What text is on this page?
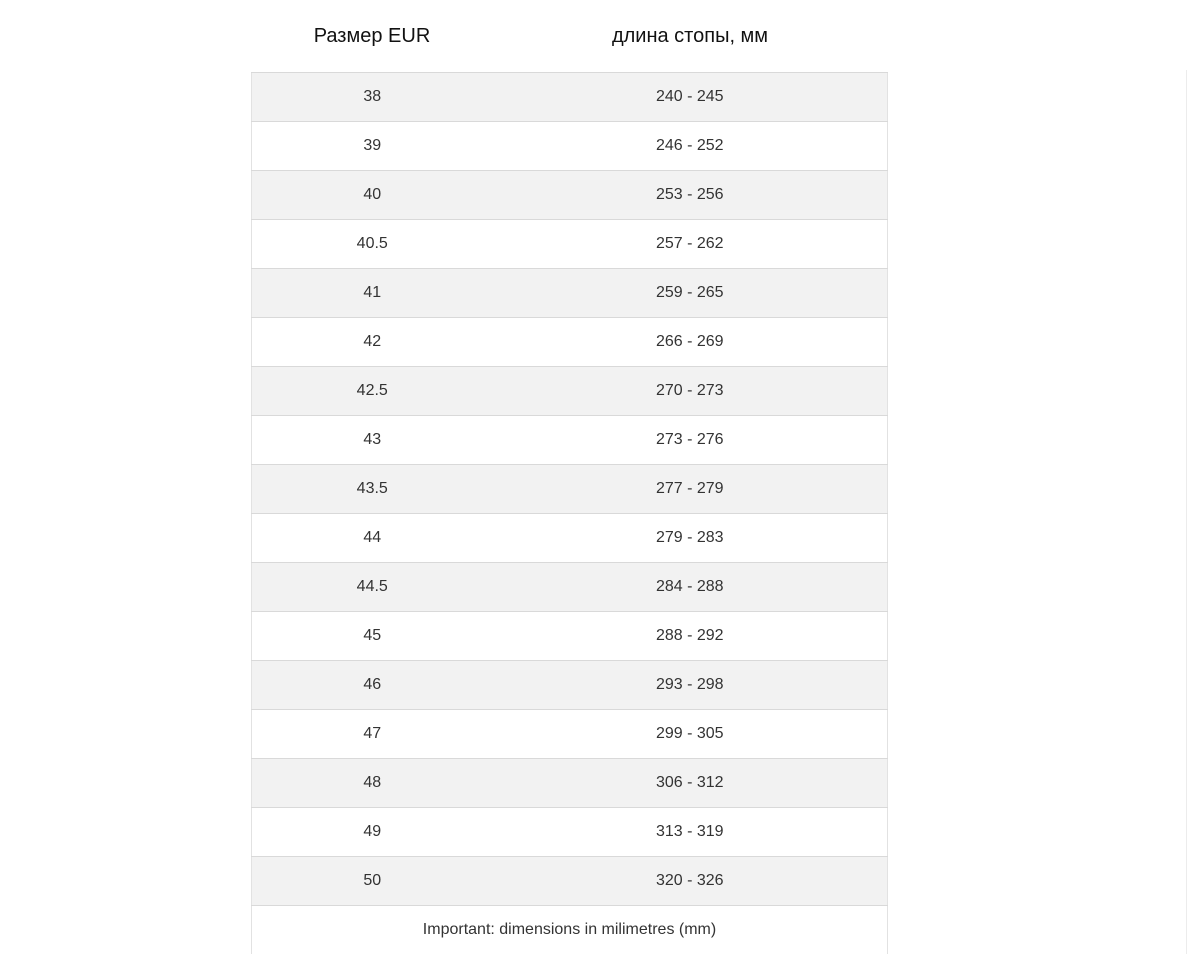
Размер EUR	длина стопы, мм
38	240 - 245
39	246 - 252
40	253 - 256
40.5	257 - 262
41	259 - 265
42	266 - 269
42.5	270 - 273
43	273 - 276
43.5	277 - 279
44	279 - 283
44.5	284 - 288
45	288 - 292
46	293 - 298
47	299 - 305
48	306 - 312
49	313 - 319
50	320 - 326
Important: dimensions in milimetres (mm)	
